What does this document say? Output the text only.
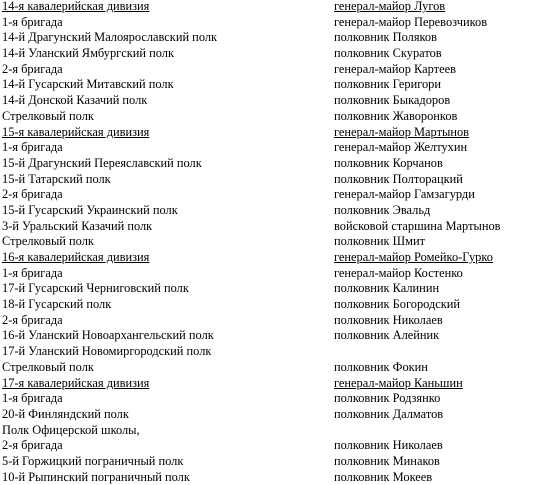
14-я кавалерийская дивизия	генерал-майор Лугов
1-я бригада	генерал-майор Перевозчиков
14-й Драгунский Малоярославский полк	полковник Поляков
14-й Уланский Ямбургский полк	полковник Скуратов
2-я бригада	генерал-майор Картеев
14-й Гусарский Митавский полк	полковник Геригори
14-й Донской Казачий полк	полковник Быкадоров
Стрелковый полк	полковник Жаворонков
15-я кавалерийская дивизия	генерал-майор Мартынов
1-я бригада	генерал-майор Желтухин
15-й Драгунский Переяславский полк	полковник Корчанов
15-й Татарский полк	полковник Полторацкий
2-я бригада	генерал-майор Гамзагурди
15-й Гусарский Украинский полк	полковник Эвальд
3-й Уральский Казачий полк	войсковой старшина Мартынов
Стрелковый полк	полковник Шмит
16-я кавалерийская дивизия	генерал-майор Ромейко-Гурко
1-я бригада	генерал-майор Костенко
17-й Гусарский Черниговский полк	полковник Калинин
18-й Гусарский полк	полковник Богородский
2-я бригада	полковник Николаев
16-й Уланский Новоархангельский полк	полковник Алейник
17-й Уланский Новомиргородский полк
Стрелковый полк	полковник Фокин
17-я кавалерийская дивизия	генерал-майор Каньшин
1-я бригада	полковник Родзянко
20-й Финляндский полк	полковник Далматов
Полк Офицерской школы,
2-я бригада	полковник Николаев
5-й Горжицкий пограничный полк	полковник Минаков
10-й Рыпинский пограничный полк	полковник Мокеев
